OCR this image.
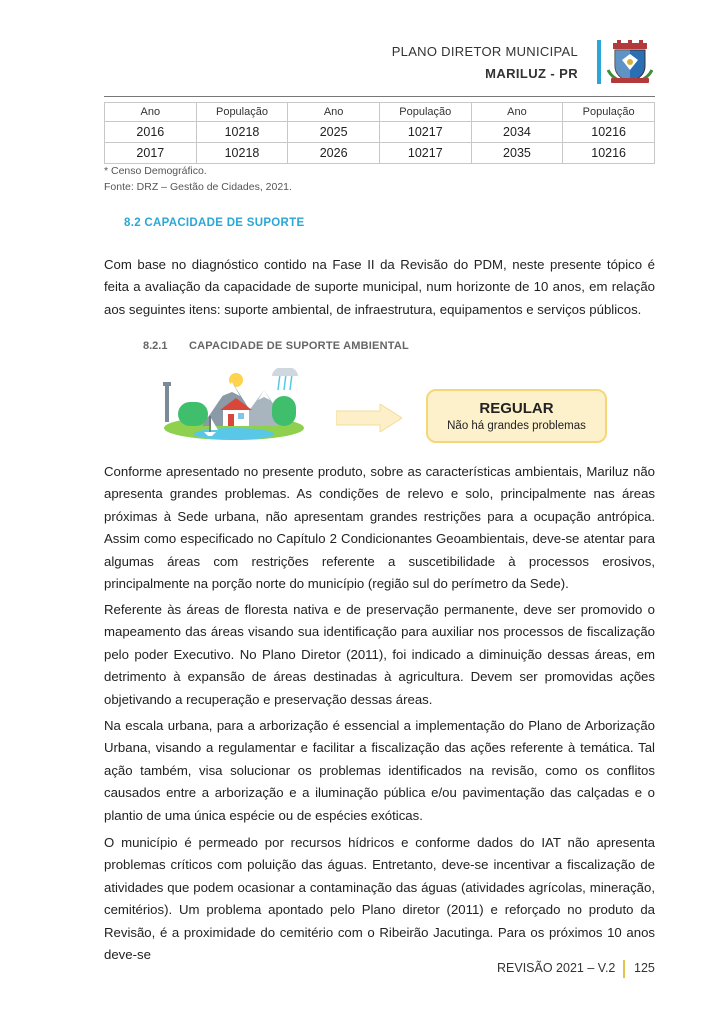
PLANO DIRETOR MUNICIPAL
MARILUZ - PR
Ano	População	Ano	População	Ano	População
2016	10218	2025	10217	2034	10216
2017	10218	2026	10217	2035	10216
* Censo Demográfico.
Fonte: DRZ – Gestão de Cidades, 2021.
8.2 CAPACIDADE DE SUPORTE

Com base no diagnóstico contido na Fase II da Revisão do PDM, neste presente tópico é feita a avaliação da capacidade de suporte municipal, num horizonte de 10 anos, em relação aos seguintes itens: suporte ambiental, de infraestrutura, equipamentos e serviços públicos.

8.2.1 CAPACIDADE DE SUPORTE AMBIENTAL
REGULAR
Não há grandes problemas

Conforme apresentado no presente produto, sobre as características ambientais, Mariluz não apresenta grandes problemas. As condições de relevo e solo, principalmente nas áreas próximas à Sede urbana, não apresentam grandes restrições para a ocupação antrópica. Assim como especificado no Capítulo 2 Condicionantes Geoambientais, deve-se atentar para algumas áreas com restrições referente a suscetibilidade à processos erosivos, principalmente na porção norte do município (região sul do perímetro da Sede).

Referente às áreas de floresta nativa e de preservação permanente, deve ser promovido o mapeamento das áreas visando sua identificação para auxiliar nos processos de fiscalização pelo poder Executivo. No Plano Diretor (2011), foi indicado a diminuição dessas áreas, em detrimento à expansão de áreas destinadas à agricultura. Devem ser promovidas ações objetivando a recuperação e preservação dessas áreas.

Na escala urbana, para a arborização é essencial a implementação do Plano de Arborização Urbana, visando a regulamentar e facilitar a fiscalização das ações referente à temática. Tal ação também, visa solucionar os problemas identificados na revisão, como os conflitos causados entre a arborização e a iluminação pública e/ou pavimentação das calçadas e o plantio de uma única espécie ou de espécies exóticas.

O município é permeado por recursos hídricos e conforme dados do IAT não apresenta problemas críticos com poluição das águas. Entretanto, deve-se incentivar a fiscalização de atividades que podem ocasionar a contaminação das águas (atividades agrícolas, mineração, cemitérios). Um problema apontado pelo Plano diretor (2011) e reforçado no produto da Revisão, é a proximidade do cemitério com o Ribeirão Jacutinga. Para os próximos 10 anos deve-se

REVISÃO 2021 – V.2 125
